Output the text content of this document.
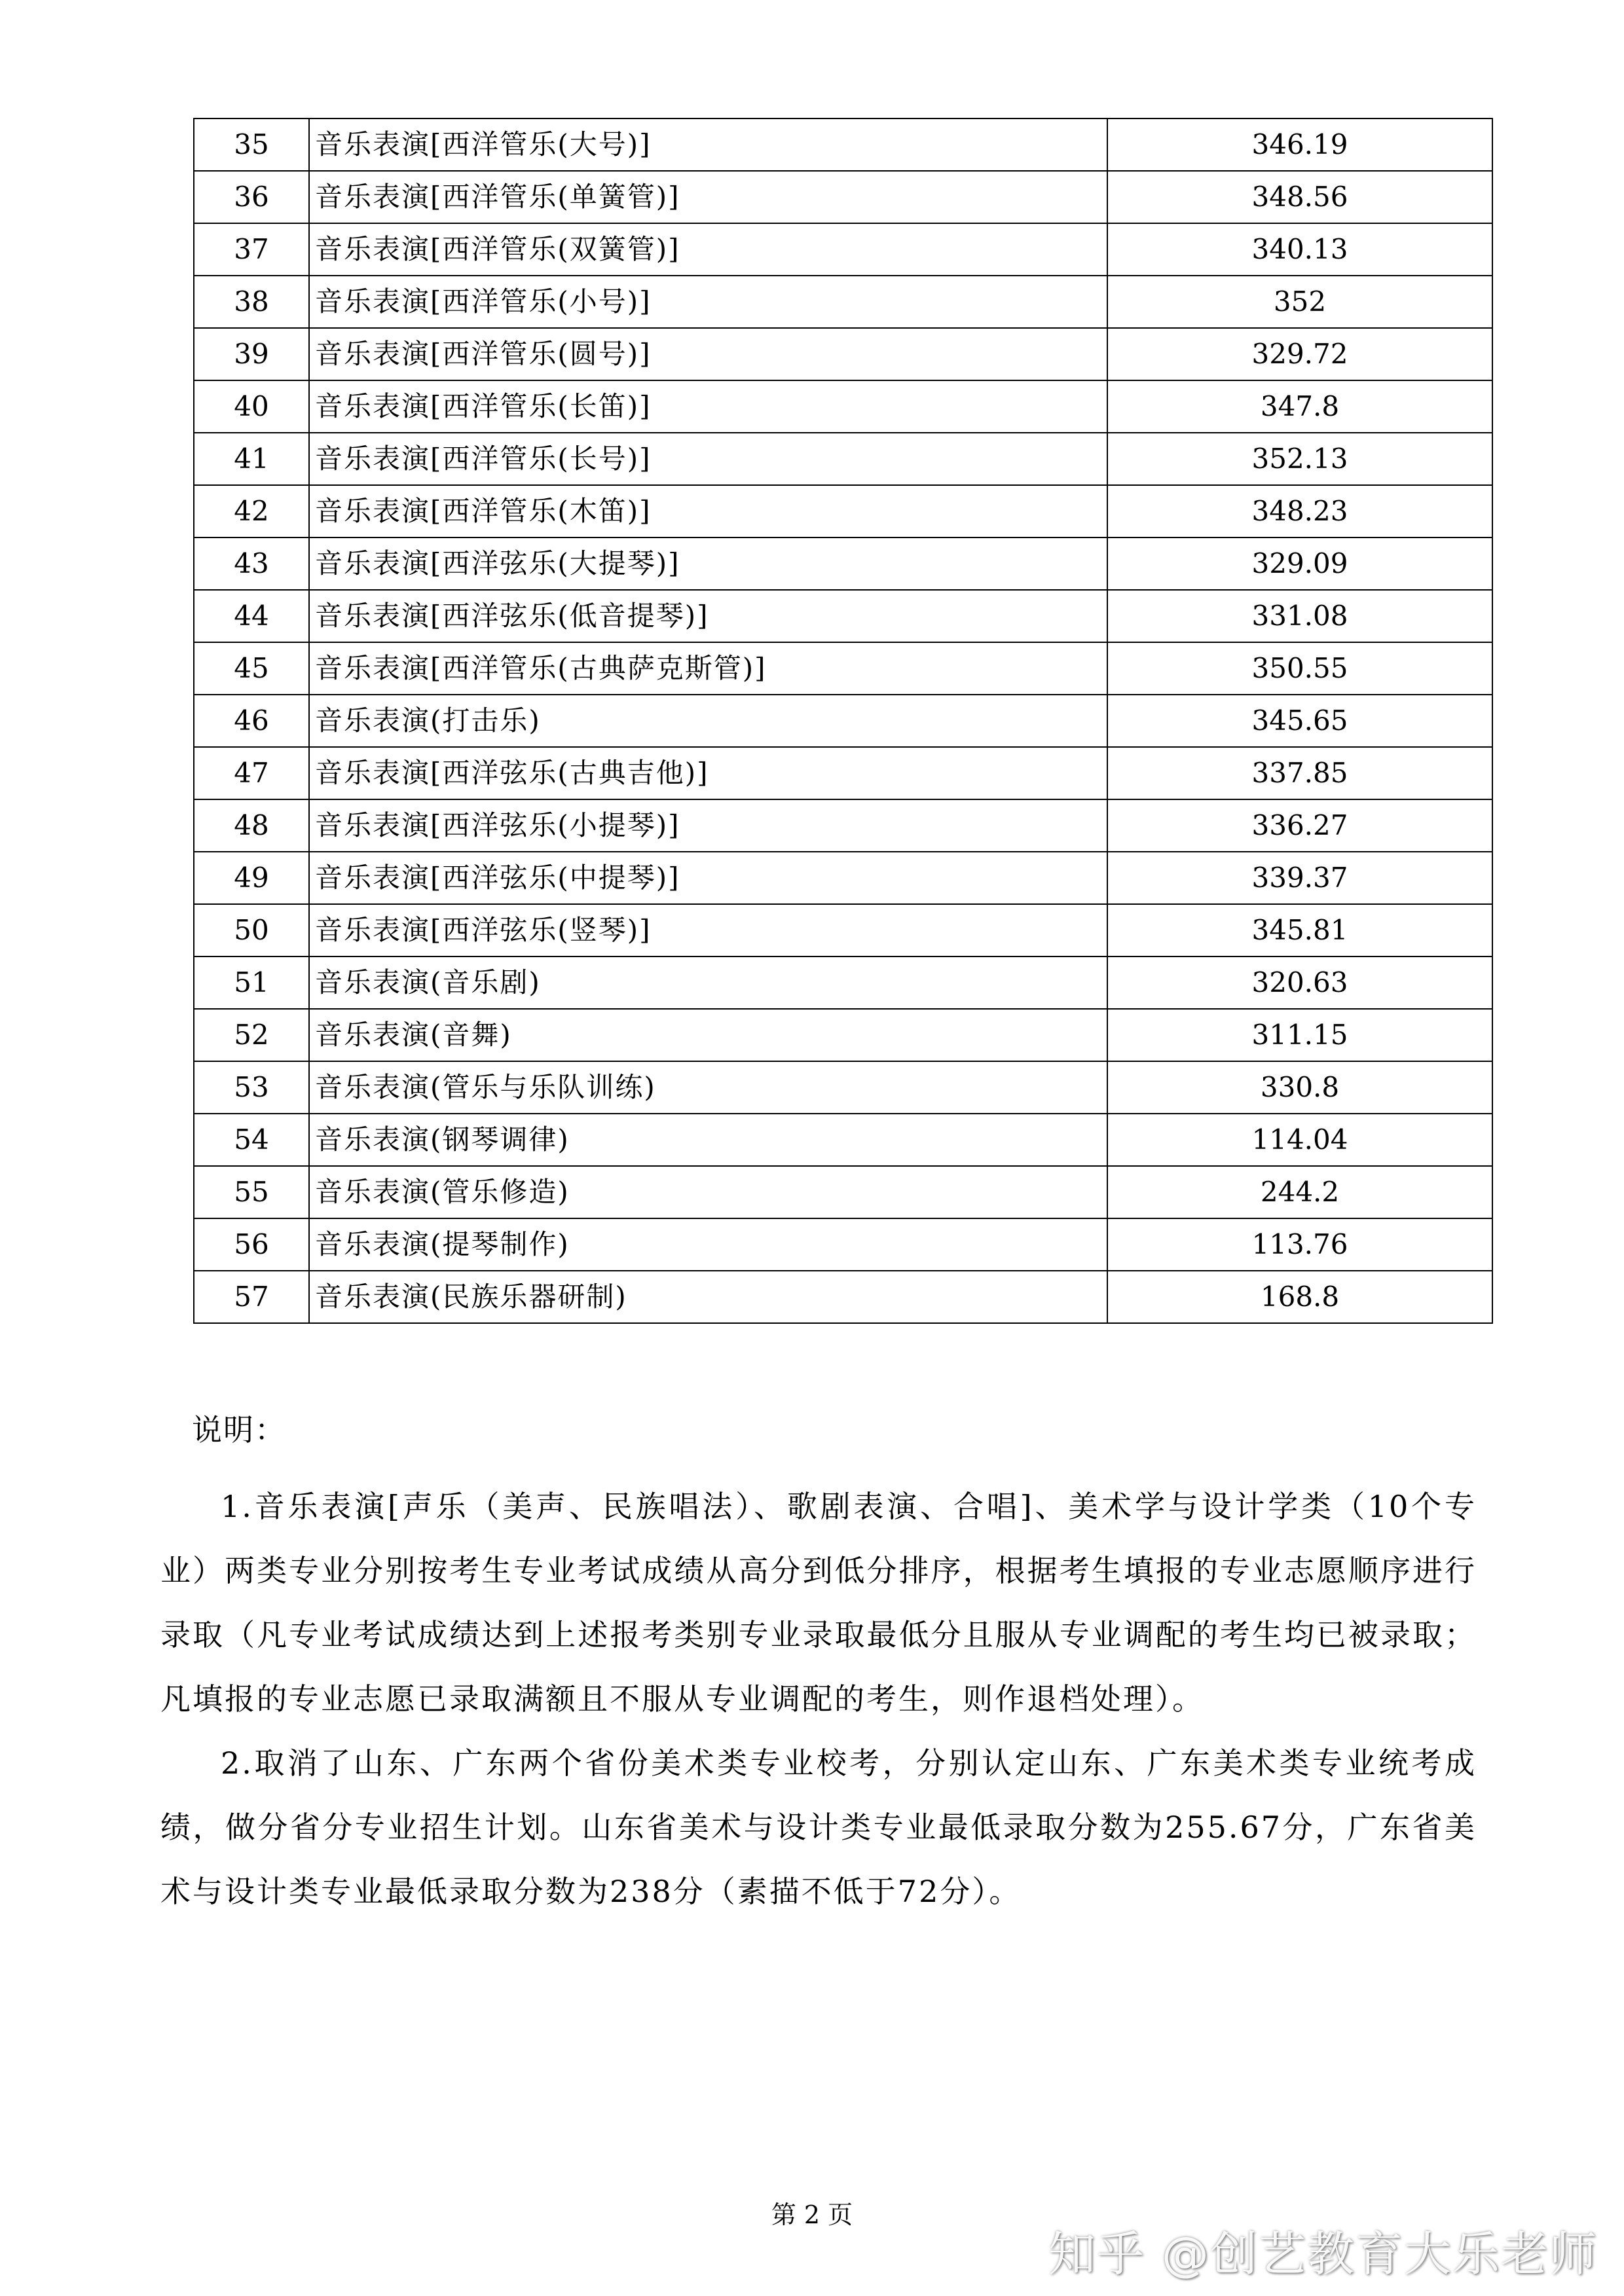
35	音乐表演[西洋管乐(大号)]	346.19
36	音乐表演[西洋管乐(单簧管)]	348.56
37	音乐表演[西洋管乐(双簧管)]	340.13
38	音乐表演[西洋管乐(小号)]	352
39	音乐表演[西洋管乐(圆号)]	329.72
40	音乐表演[西洋管乐(长笛)]	347.8
41	音乐表演[西洋管乐(长号)]	352.13
42	音乐表演[西洋管乐(木笛)]	348.23
43	音乐表演[西洋弦乐(大提琴)]	329.09
44	音乐表演[西洋弦乐(低音提琴)]	331.08
45	音乐表演[西洋管乐(古典萨克斯管)]	350.55
46	音乐表演(打击乐)	345.65
47	音乐表演[西洋弦乐(古典吉他)]	337.85
48	音乐表演[西洋弦乐(小提琴)]	336.27
49	音乐表演[西洋弦乐(中提琴)]	339.37
50	音乐表演[西洋弦乐(竖琴)]	345.81
51	音乐表演(音乐剧)	320.63
52	音乐表演(音舞)	311.15
53	音乐表演(管乐与乐队训练)	330.8
54	音乐表演(钢琴调律)	114.04
55	音乐表演(管乐修造)	244.2
56	音乐表演(提琴制作)	113.76
57	音乐表演(民族乐器研制)	168.8
说明：

1.音乐表演[声乐（美声、民族唱法）、歌剧表演、合唱]、美术学与设计学类（10个专业）两类专业分别按考生专业考试成绩从高分到低分排序，根据考生填报的专业志愿顺序进行录取（凡专业考试成绩达到上述报考类别专业录取最低分且服从专业调配的考生均已被录取；凡填报的专业志愿已录取满额且不服从专业调配的考生，则作退档处理）。

2.取消了山东、广东两个省份美术类专业校考，分别认定山东、广东美术类专业统考成绩，做分省分专业招生计划。山东省美术与设计类专业最低录取分数为255.67分，广东省美术与设计类专业最低录取分数为238分（素描不低于72分）。

第 2 页
知乎 @创艺教育大乐老师
